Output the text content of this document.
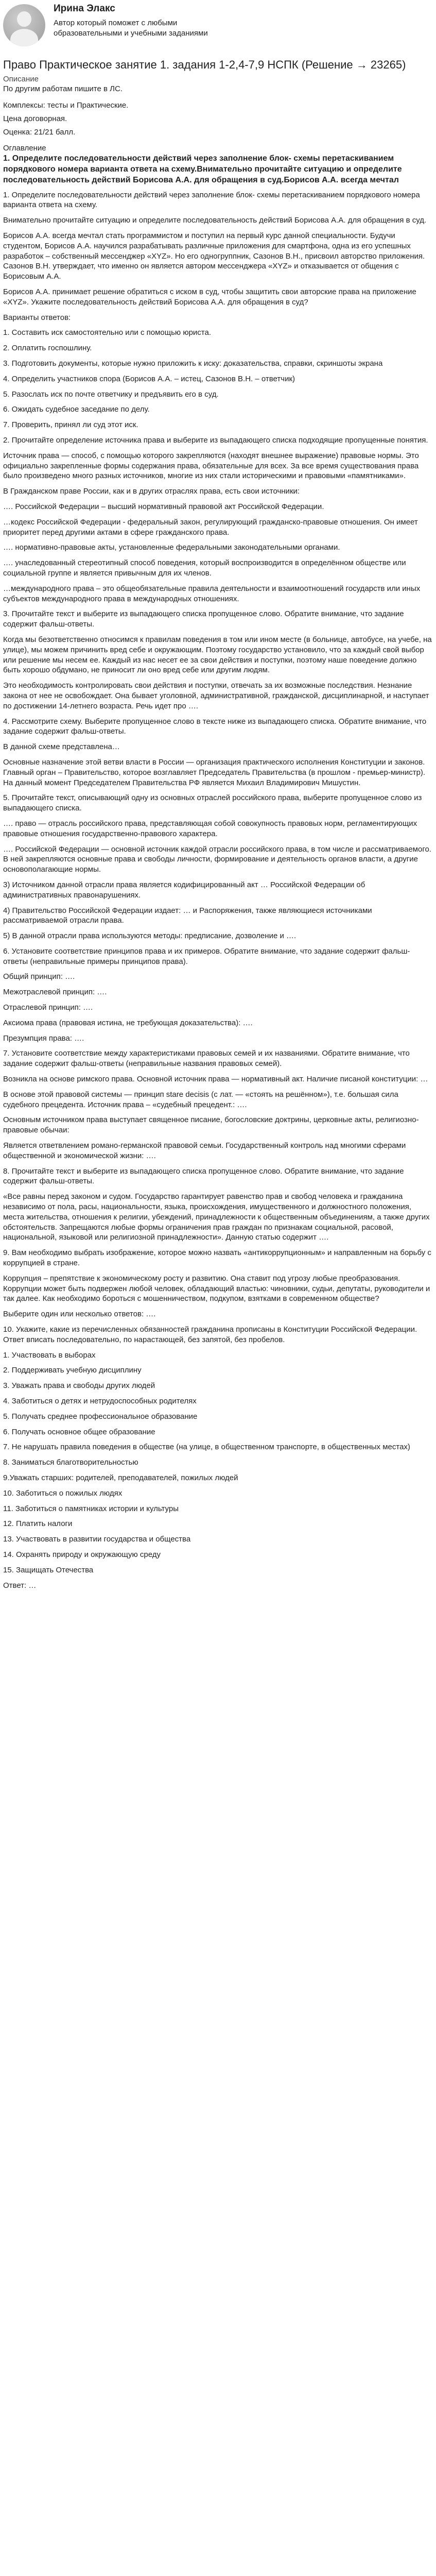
Ирина Элакс
Автор который поможет с любыми образовательными и учебными заданиями
Право Практическое занятие 1. задания 1-2,4-7,9 НСПК (Решение → 23265)
Описание
По другим работам пишите в ЛС.
Комплексы: тесты и Практические.
Цена договорная.
Оценка: 21/21 балл.
Оглавление
1. Определите последовательности действий через заполнение блок- схемы перетаскиванием порядкового номера варианта ответа на схему.Внимательно прочитайте ситуацию и определите последовательность действий Борисова А.А. для обращения в суд.Борисов А.А. всегда мечтал
1. Определите последовательности действий через заполнение блок- схемы перетаскиванием порядкового номера варианта ответа на схему.
Внимательно прочитайте ситуацию и определите последовательность действий Борисова А.А. для обращения в суд.
Борисов А.А. всегда мечтал стать программистом и поступил на первый курс данной специальности. Будучи студентом, Борисов А.А. научился разрабатывать различные приложения для смартфона, одна из его успешных разработок – собственный мессенджер «XYZ». Но его одногруппник, Сазонов В.Н., присвоил авторство приложения. Сазонов В.Н. утверждает, что именно он является автором мессенджера «XYZ» и отказывается от общения с Борисовым А.А.
Борисов А.А. принимает решение обратиться с иском в суд, чтобы защитить свои авторские права на приложение «XYZ». Укажите последовательность действий Борисова А.А. для обращения в суд?
Варианты ответов:
1. Составить иск самостоятельно или с помощью юриста.
2. Оплатить госпошлину.
3. Подготовить документы, которые нужно приложить к иску: доказательства, справки, скриншоты экрана
4. Определить участников спора (Борисов А.А. – истец, Сазонов В.Н. – ответчик)
5. Разослать иск по почте ответчику и предъявить его в суд.
6. Ожидать судебное заседание по делу.
7. Проверить, принял ли суд этот иск.
2. Прочитайте определение источника права и выберите из выпадающего списка подходящие пропущенные понятия.
Источник права — способ, с помощью которого закрепляются (находят внешнее выражение) правовые нормы. Это официально закрепленные формы содержания права, обязательные для всех. За все время существования права было произведено много разных источников, многие из них стали историческими и правовыми «памятниками».
В Гражданском праве России, как и в других отраслях права, есть свои источники:
…. Российской Федерации – высший нормативный правовой акт Российской Федерации.
…кодекс Российской Федерации - федеральный закон, регулирующий гражданско-правовые отношения. Он имеет приоритет перед другими актами в сфере гражданского права.
…. нормативно-правовые акты, установленные федеральными законодательными органами.
…. унаследованный стереотипный способ поведения, который воспроизводится в определённом обществе или социальной группе и является привычным для их членов.
…международного права – это общеобязательные правила деятельности и взаимоотношений государств или иных субъектов международного права в международных отношениях.
3. Прочитайте текст и выберите из выпадающего списка пропущенное слово. Обратите внимание, что задание содержит фальш-ответы.
Когда мы безответственно относимся к правилам поведения в том или ином месте (в больнице, автобусе, на учебе, на улице), мы можем причинить вред себе и окружающим. Поэтому государство установило, что за каждый свой выбор или решение мы несем ее. Каждый из нас несет ее за свои действия и поступки, поэтому наше поведение должно быть хорошо обдумано, не приносит ли оно вред себе или другим людям.
Это необходимость контролировать свои действия и поступки, отвечать за их возможные последствия. Незнание закона от нее не освобождает. Она бывает уголовной, административной, гражданской, дисциплинарной, и наступает по достижении 14-летнего возраста. Речь идет про ….
4. Рассмотрите схему. Выберите пропущенное слово в тексте ниже из выпадающего списка. Обратите внимание, что задание содержит фальш-ответы.
В данной схеме представлена…
Основные назначение этой ветви власти в России — организация практического исполнения Конституции и законов. Главный орган – Правительство, которое возглавляет Председатель Правительства (в прошлом - премьер-министр). На данный момент Председателем Правительства РФ является Михаил Владимирович Мишустин.
5. Прочитайте текст, описывающий одну из основных отраслей российского права, выберите пропущенное слово из выпадающего списка.
…. право — отрасль российского права, представляющая собой совокупность правовых норм, регламентирующих правовые отношения государственно-правового характера.
…. Российской Федерации — основной источник каждой отрасли российского права, в том числе и рассматриваемого. В ней закрепляются основные права и свободы личности, формирование и деятельность органов власти, а другие основополагающие нормы.
3) Источником данной отрасли права является кодифицированный акт … Российской Федерации об административных правонарушениях.
4) Правительство Российской Федерации издает: … и Распоряжения, также являющиеся источниками рассматриваемой отрасли права.
5) В данной отрасли права используются методы: предписание, дозволение и ….
6. Установите соответствие принципов права и их примеров. Обратите внимание, что задание содержит фальш-ответы (неправильные примеры принципов права).
Общий принцип: ….
Межотраслевой принцип: ….
Отраслевой принцип: ….
Аксиома права (правовая истина, не требующая доказательства): ….
Презумпция права: ….
7. Установите соответствие между характеристиками правовых семей и их названиями. Обратите внимание, что задание содержит фальш-ответы (неправильные названия правовых семей).
Возникла на основе римского права. Основной источник права — нормативный акт. Наличие писаной конституции: …
В основе этой правовой системы — принцип stare decisis (с лат. — «стоять на решённом»), т.е. большая сила судебного прецедента. Источник права – «судебный прецедент.: ….
Основным источником права выступает священное писание, богословские доктрины, церковные акты, религиозно-правовые обычаи:
Является ответвлением романо-германской правовой семьи. Государственный контроль над многими сферами общественной и экономической жизни: ….
8. Прочитайте текст и выберите из выпадающего списка пропущенное слово. Обратите внимание, что задание содержит фальш-ответы.
«Все равны перед законом и судом. Государство гарантирует равенство прав и свобод человека и гражданина независимо от пола, расы, национальности, языка, происхождения, имущественного и должностного положения, места жительства, отношения к религии, убеждений, принадлежности к общественным объединениям, а также других обстоятельств. Запрещаются любые формы ограничения прав граждан по признакам социальной, расовой, национальной, языковой или религиозной принадлежности». Данную статью содержит ….
9. Вам необходимо выбрать изображение, которое можно назвать «антикоррупционным» и направленным на борьбу с коррупцией в стране.
Коррупция – препятствие к экономическому росту и развитию. Она ставит под угрозу любые преобразования. Коррупции может быть подвержен любой человек, обладающий властью: чиновники, судьи, депутаты, руководители и так далее. Как необходимо бороться с мошенничеством, подкупом, взятками в современном обществе?
Выберите один или несколько ответов: ….
10. Укажите, какие из перечисленных обязанностей гражданина прописаны в Конституции Российской Федерации. Ответ вписать последовательно, по нарастающей, без запятой, без пробелов.
1. Участвовать в выборах
2. Поддерживать учебную дисциплину
3. Уважать права и свободы других людей
4. Заботиться о детях и нетрудоспособных родителях
5. Получать среднее профессиональное образование
6. Получать основное общее образование
7. Не нарушать правила поведения в обществе (на улице, в общественном транспорте, в общественных местах)
8. Заниматься благотворительностью
9.Уважать старших: родителей, преподавателей, пожилых людей
10. Заботиться о пожилых людях
11. Заботиться о памятниках истории и культуры
12. Платить налоги
13. Участвовать в развитии государства и общества
14. Охранять природу и окружающую среду
15. Защищать Отечества
Ответ: …
